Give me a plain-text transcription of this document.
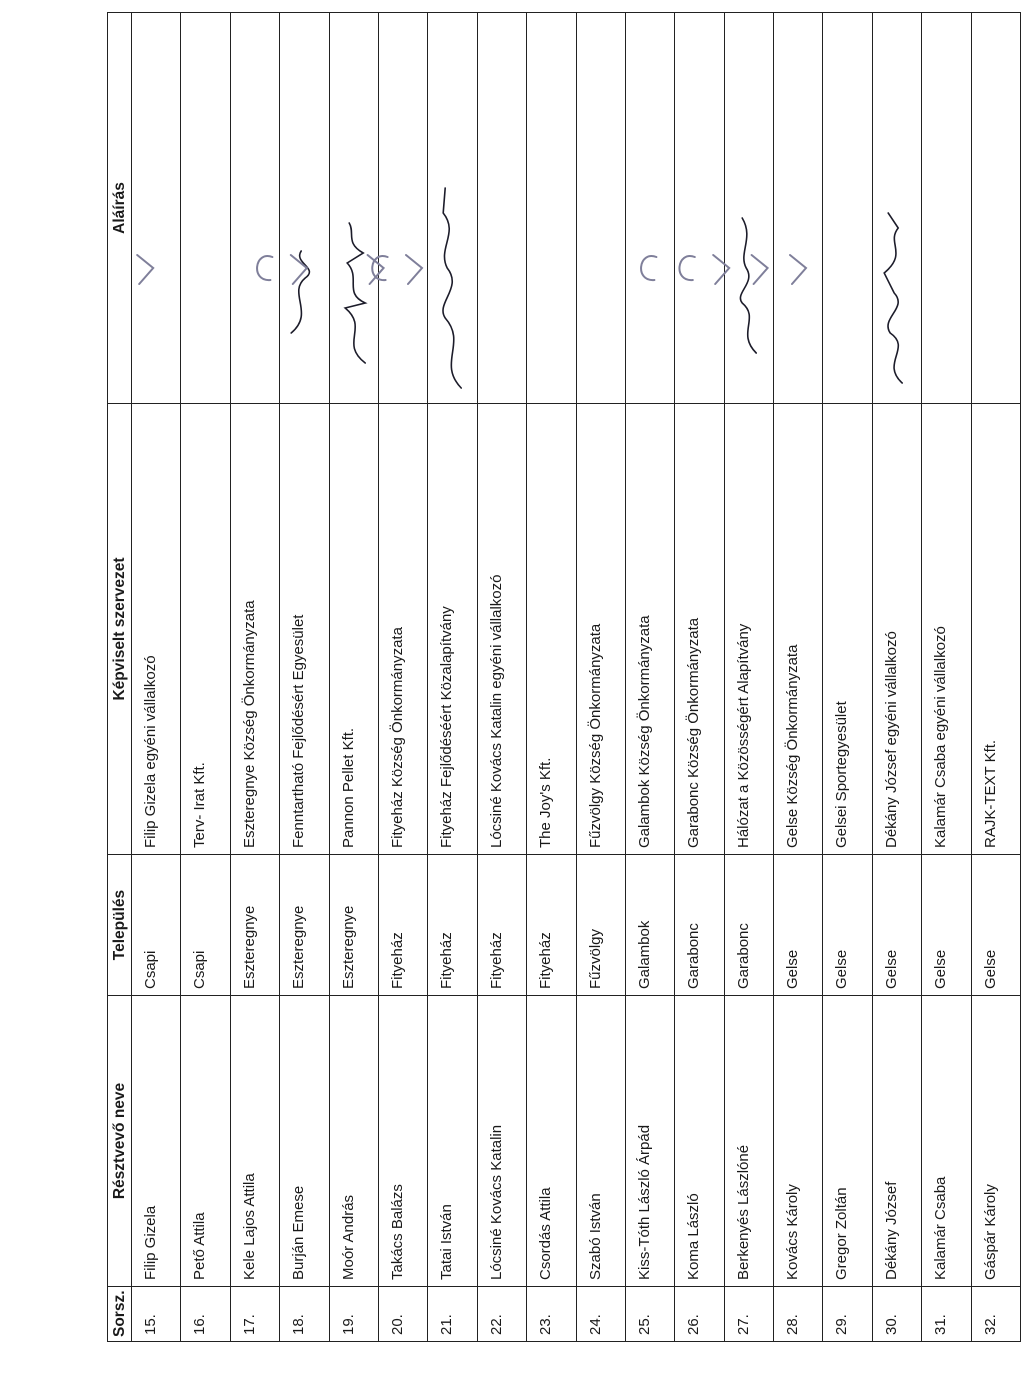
Sorsz.	Résztvevő neve	Település	Képviselt szervezet	Aláírás
15.	Filip Gizela	Csapi	Filip Gizela egyéni vállalkozó	
16.	Pető Attila	Csapi	Terv- Irat Kft.	
17.	Kele Lajos Attila	Eszteregnye	Eszteregnye Község Önkormányzata	
18.	Burján Emese	Eszteregnye	Fenntartható Fejlődésért Egyesület	

19.	Moór András	Eszteregnye	Pannon Pellet Kft.	

20.	Takács Balázs	Fityeház	Fityeház Község Önkormányzata	
21.	Tatai István	Fityeház	Fityeház Fejlődéséért Közalapítvány	

22.	Lócsiné Kovács Katalin	Fityeház	Lócsiné Kovács Katalin egyéni vállalkozó	
23.	Csordás Attila	Fityeház	The Joy's Kft.	
24.	Szabó István	Fűzvölgy	Fűzvölgy Község Önkormányzata	
25.	Kiss-Tóth László Árpád	Galambok	Galambok Község Önkormányzata	
26.	Koma László	Garabonc	Garabonc Község Önkormányzata	
27.	Berkenyés Lászlóné	Garabonc	Hálózat a Közösségért Alapítvány	

28.	Kovács Károly	Gelse	Gelse Község Önkormányzata	
29.	Gregor Zoltán	Gelse	Gelsei Sportegyesület	
30.	Dékány József	Gelse	Dékány József egyéni vállalkozó	

31.	Kalamár Csaba	Gelse	Kalamár Csaba egyéni vállalkozó	
32.	Gáspár Károly	Gelse	RAJK-TEXT Kft.	
